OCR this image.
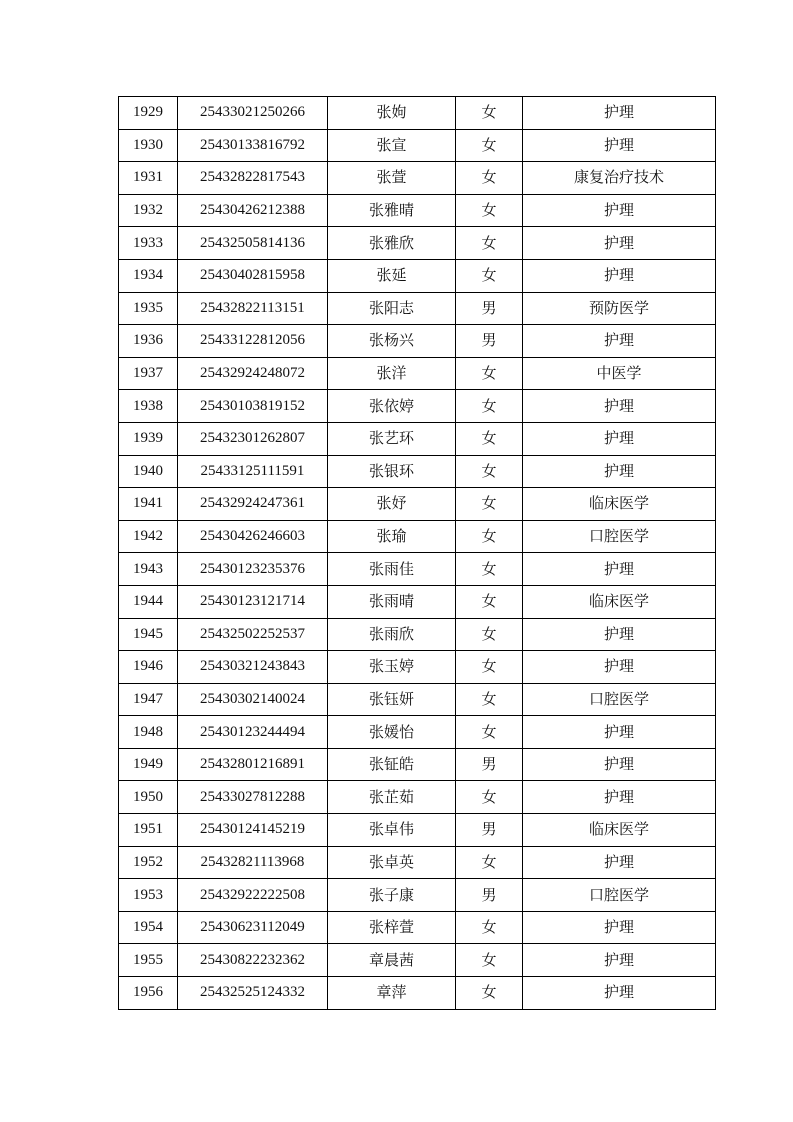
1929	25433021250266	张姁	女	护理
1930	25430133816792	张宣	女	护理
1931	25432822817543	张萱	女	康复治疗技术
1932	25430426212388	张雅晴	女	护理
1933	25432505814136	张雅欣	女	护理
1934	25430402815958	张延	女	护理
1935	25432822113151	张阳志	男	预防医学
1936	25433122812056	张杨兴	男	护理
1937	25432924248072	张洋	女	中医学
1938	25430103819152	张依婷	女	护理
1939	25432301262807	张艺环	女	护理
1940	25433125111591	张银环	女	护理
1941	25432924247361	张妤	女	临床医学
1942	25430426246603	张瑜	女	口腔医学
1943	25430123235376	张雨佳	女	护理
1944	25430123121714	张雨晴	女	临床医学
1945	25432502252537	张雨欣	女	护理
1946	25430321243843	张玉婷	女	护理
1947	25430302140024	张钰妍	女	口腔医学
1948	25430123244494	张媛怡	女	护理
1949	25432801216891	张钲皓	男	护理
1950	25433027812288	张芷茹	女	护理
1951	25430124145219	张卓伟	男	临床医学
1952	25432821113968	张卓英	女	护理
1953	25432922222508	张子康	男	口腔医学
1954	25430623112049	张梓萱	女	护理
1955	25430822232362	章晨茜	女	护理
1956	25432525124332	章萍	女	护理
